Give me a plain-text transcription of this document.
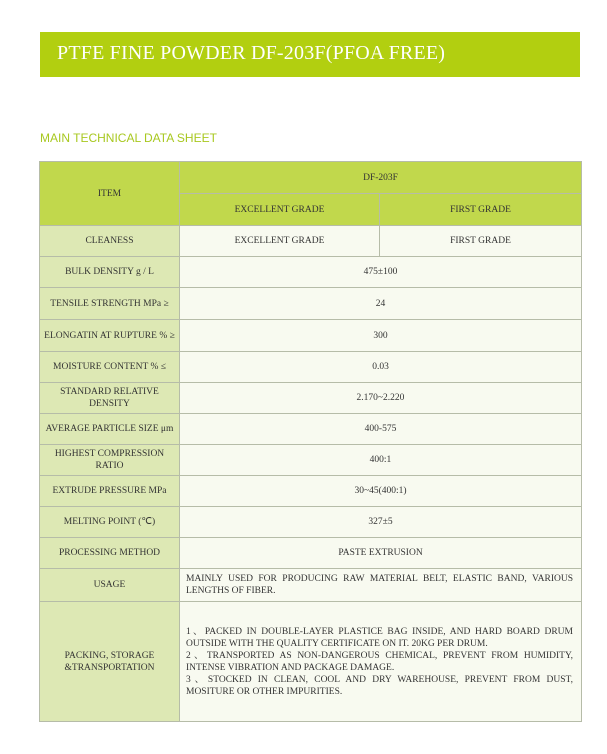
PTFE FINE POWDER DF-203F(PFOA FREE)
MAIN TECHNICAL DATA SHEET
ITEM	DF-203F	
	EXCELLENT GRADE	FIRST GRADE
CLEANESS	EXCELLENT GRADE	FIRST GRADE
BULK DENSITY g / L	475±100	
TENSILE STRENGTH MPa ≥	24	
ELONGATIN AT RUPTURE % ≥	300	
MOISTURE CONTENT % ≤	0.03	
STANDARD RELATIVE DENSITY	2.170~2.220	
AVERAGE PARTICLE SIZE μm	400-575	
HIGHEST COMPRESSION RATIO	400:1	
EXTRUDE PRESSURE MPa	30~45(400:1)	
MELTING POINT (℃)	327±5	
PROCESSING METHOD	PASTE EXTRUSION	
USAGE	MAINLY USED FOR PRODUCING RAW MATERIAL BELT, ELASTIC BAND, VARIOUS LENGTHS OF FIBER.	
PACKING, STORAGE &TRANSPORTATION	1、PACKED IN DOUBLE-LAYER PLASTICE BAG INSIDE, AND HARD BOARD DRUM OUTSIDE WITH THE QUALITY CERTIFICATE ON IT. 20KG PER DRUM.
2、TRANSPORTED AS NON-DANGEROUS CHEMICAL, PREVENT FROM HUMIDITY, INTENSE VIBRATION AND PACKAGE DAMAGE.
3、STOCKED IN CLEAN, COOL AND DRY WAREHOUSE, PREVENT FROM DUST, MOSITURE OR OTHER IMPURITIES.	
